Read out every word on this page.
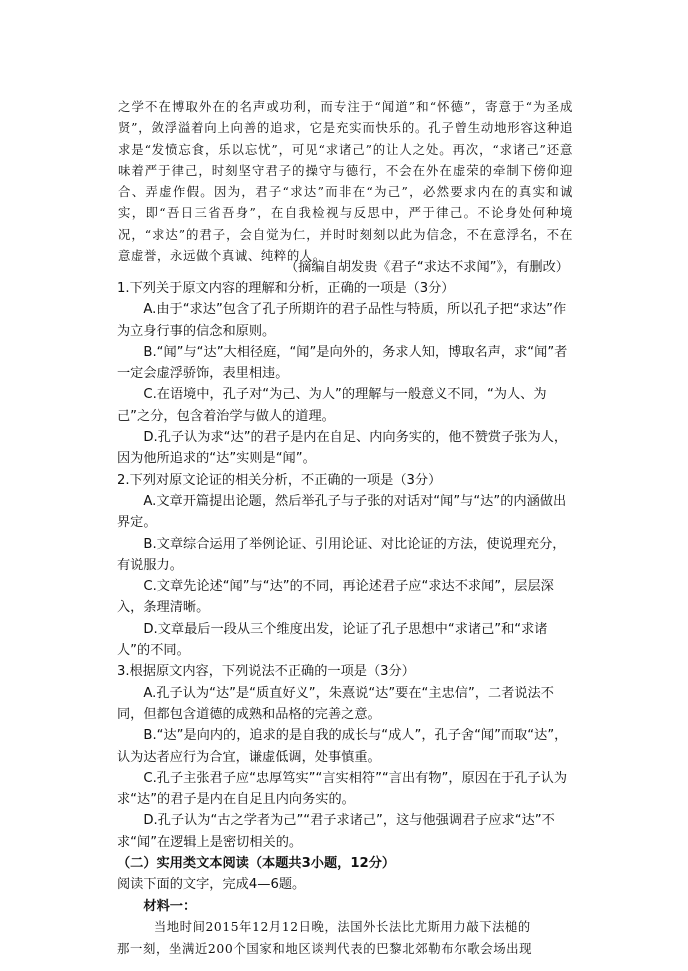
之学不在博取外在的名声或功利，而专注于“闻道”和“怀德”，寄意于“为圣成贤”，敛浮溢着向上向善的追求，它是充实而快乐的。孔子曾生动地形容这种追求是“发愤忘食，乐以忘忧”，可见“求诸己”的让人之处。再次，“求诸己”还意味着严于律己，时刻坚守君子的操守与德行，不会在外在虚荣的牵制下傍仰迎合、弄虚作假。因为，君子“求达”而非在“为己”，必然要求内在的真实和诚实，即“吾日三省吾身”，在自我检视与反思中，严于律己。不论身处何种境况，“求达”的君子，会自觉为仁，并时时刻刻以此为信念，不在意浮名，不在意虚誉，永远做个真诚、纯粹的人。

（摘编自胡发贵《君子“求达不求闻”》，有删改）

1.下列关于原文内容的理解和分析，正确的一项是（3分）

A.由于“求达”包含了孔子所期许的君子品性与特质，所以孔子把“求达”作为立身行事的信念和原则。

B.“闻”与“达”大相径庭，“闻”是向外的，务求人知，博取名声，求“闻”者一定会虚浮骄饰，表里相违。

C.在语境中，孔子对“为己、为人”的理解与一般意义不同，“为人、为己”之分，包含着治学与做人的道理。

D.孔子认为求“达”的君子是内在自足、内向务实的，他不赞赏子张为人，因为他所追求的“达”实则是“闻”。

2.下列对原文论证的相关分析，不正确的一项是（3分）

A.文章开篇提出论题，然后举孔子与子张的对话对“闻”与“达”的内涵做出界定。

B.文章综合运用了举例论证、引用论证、对比论证的方法，使说理充分，有说服力。

C.文章先论述“闻”与“达”的不同，再论述君子应“求达不求闻”，层层深入，条理清晰。

D.文章最后一段从三个维度出发，论证了孔子思想中“求诸己”和“求诸人”的不同。

3.根据原文内容，下列说法不正确的一项是（3分）

A.孔子认为“达”是“质直好义”，朱熹说“达”要在“主忠信”，二者说法不同，但都包含道德的成熟和品格的完善之意。

B.“达”是向内的，追求的是自我的成长与“成人”，孔子舍“闻”而取“达”，认为达者应行为合宜，谦虚低调，处事慎重。

C.孔子主张君子应“忠厚笃实”“言实相符”“言出有物”，原因在于孔子认为求“达”的君子是内在自足且内向务实的。

D.孔子认为“古之学者为己”“君子求诸己”，这与他强调君子应求“达”不求“闻”在逻辑上是密切相关的。

（二）实用类文本阅读（本题共3小题，12分）

阅读下面的文字，完成4—6题。

材料一：

当地时间2015年12月12日晚，法国外长法比尤斯用力敲下法槌的

那一刻，坐满近200个国家和地区谈判代表的巴黎北郊勒布尔歌会场出现
